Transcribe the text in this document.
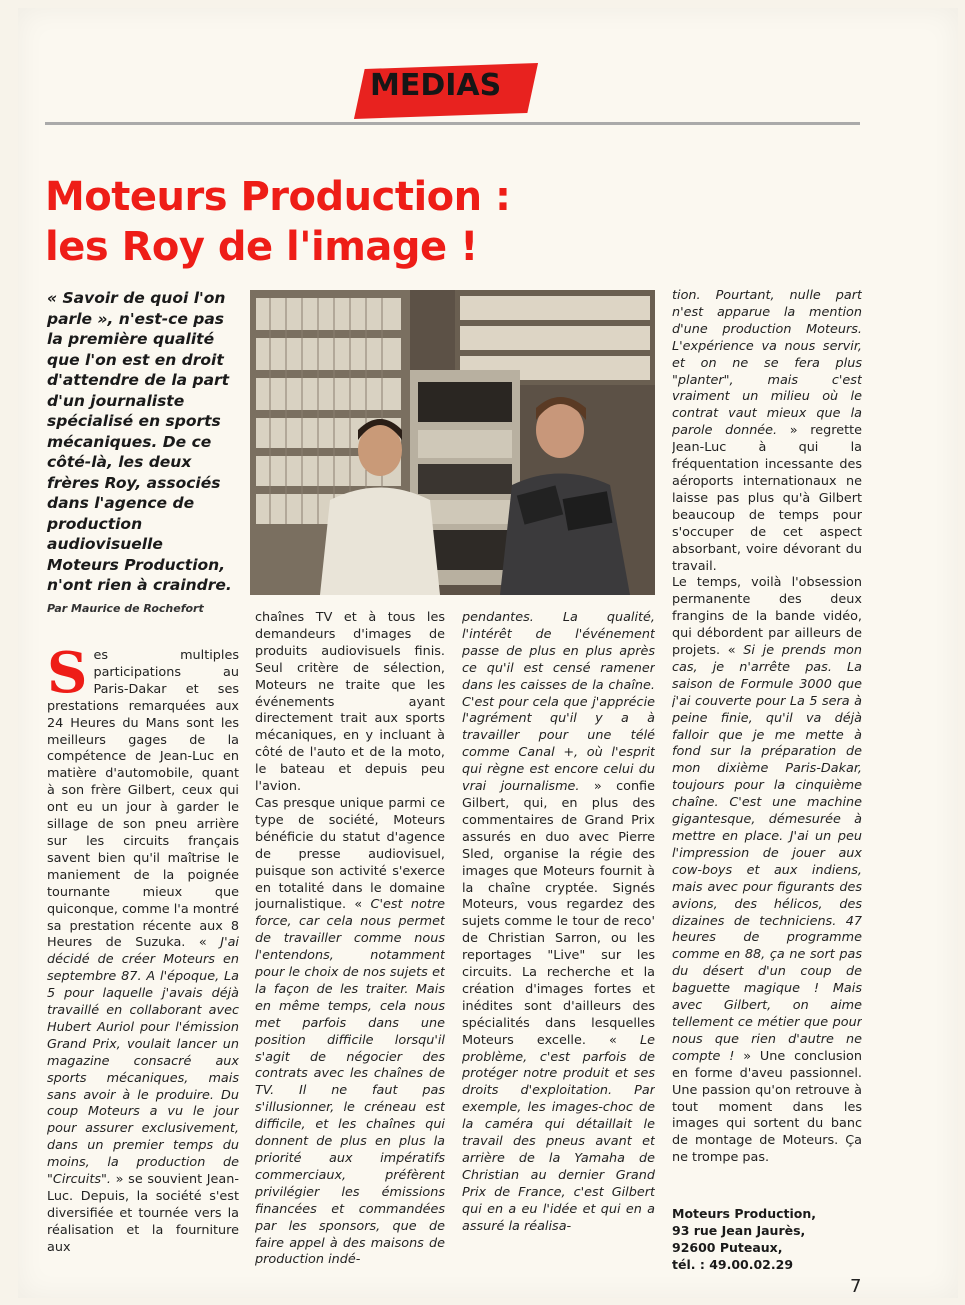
MEDIAS
Moteurs Production :
les Roy de l'image !
« Savoir de quoi l'on parle », n'est-ce pas la première qualité que l'on est en droit d'attendre de la part d'un journaliste spécialisé en sports mécaniques. De ce côté-là, les deux frères Roy, associés dans l'agence de production audiovisuelle Moteurs Production, n'ont rien à craindre.
Par Maurice de Rochefort
Ses multiples participations au Paris-Dakar et ses prestations remarquées aux 24 Heures du Mans sont les meilleurs gages de la compétence de Jean-Luc en matière d'automobile, quant à son frère Gilbert, ceux qui ont eu un jour à garder le sillage de son pneu arrière sur les circuits français savent bien qu'il maîtrise le maniement de la poignée tournante mieux que quiconque, comme l'a montré sa prestation récente aux 8 Heures de Suzuka. « J'ai décidé de créer Moteurs en septembre 87. A l'époque, La 5 pour laquelle j'avais déjà travaillé en collaborant avec Hubert Auriol pour l'émission Grand Prix, voulait lancer un magazine consacré aux sports mécaniques, mais sans avoir à le produire. Du coup Moteurs a vu le jour pour assurer exclusivement, dans un premier temps du moins, la production de "Circuits". » se souvient Jean-Luc. Depuis, la société s'est diversifiée et tournée vers la réalisation et la fourniture aux
chaînes TV et à tous les demandeurs d'images de produits audiovisuels finis. Seul critère de sélection, Moteurs ne traite que les événements ayant directement trait aux sports mécaniques, en y incluant à côté de l'auto et de la moto, le bateau et depuis peu l'avion.
Cas presque unique parmi ce type de société, Moteurs bénéficie du statut d'agence de presse audiovisuel, puisque son activité s'exerce en totalité dans le domaine journalistique. « C'est notre force, car cela nous permet de travailler comme nous l'entendons, notamment pour le choix de nos sujets et la façon de les traiter. Mais en même temps, cela nous met parfois dans une position difficile lorsqu'il s'agit de négocier des contrats avec les chaînes de TV. Il ne faut pas s'illusionner, le créneau est difficile, et les chaînes qui donnent de plus en plus la priorité aux impératifs commerciaux, préfèrent privilégier les émissions financées et commandées par les sponsors, que de faire appel à des maisons de production indé-
pendantes. La qualité, l'intérêt de l'événement passe de plus en plus après ce qu'il est censé ramener dans les caisses de la chaîne. C'est pour cela que j'apprécie l'agrément qu'il y a à travailler pour une télé comme Canal +, où l'esprit qui règne est encore celui du vrai journalisme. » confie Gilbert, qui, en plus des commentaires de Grand Prix assurés en duo avec Pierre Sled, organise la régie des images que Moteurs fournit à la chaîne cryptée. Signés Moteurs, vous regardez des sujets comme le tour de reco' de Christian Sarron, ou les reportages "Live" sur les circuits. La recherche et la création d'images fortes et inédites sont d'ailleurs des spécialités dans lesquelles Moteurs excelle. « Le problème, c'est parfois de protéger notre produit et ses droits d'exploitation. Par exemple, les images-choc de la caméra qui détaillait le travail des pneus avant et arrière de la Yamaha de Christian au dernier Grand Prix de France, c'est Gilbert qui en a eu l'idée et qui en a assuré la réalisa-
tion. Pourtant, nulle part n'est apparue la mention d'une production Moteurs. L'expérience va nous servir, et on ne se fera plus "planter", mais c'est vraiment un milieu où le contrat vaut mieux que la parole donnée. » regrette Jean-Luc à qui la fréquentation incessante des aéroports internationaux ne laisse pas plus qu'à Gilbert beaucoup de temps pour s'occuper de cet aspect absorbant, voire dévorant du travail.
Le temps, voilà l'obsession permanente des deux frangins de la bande vidéo, qui débordent par ailleurs de projets. « Si je prends mon cas, je n'arrête pas. La saison de Formule 3000 que j'ai couverte pour La 5 sera à peine finie, qu'il va déjà falloir que je me mette à fond sur la préparation de mon dixième Paris-Dakar, toujours pour la cinquième chaîne. C'est une machine gigantesque, démesurée à mettre en place. J'ai un peu l'impression de jouer aux cow-boys et aux indiens, mais avec pour figurants des avions, des hélicos, des dizaines de techniciens. 47 heures de programme comme en 88, ça ne sort pas du désert d'un coup de baguette magique ! Mais avec Gilbert, on aime tellement ce métier que pour nous que rien d'autre ne compte ! » Une conclusion en forme d'aveu passionnel. Une passion qu'on retrouve à tout moment dans les images qui sortent du banc de montage de Moteurs. Ça ne trompe pas.
Moteurs Production,
93 rue Jean Jaurès,
92600 Puteaux,
tél. : 49.00.02.29
7
